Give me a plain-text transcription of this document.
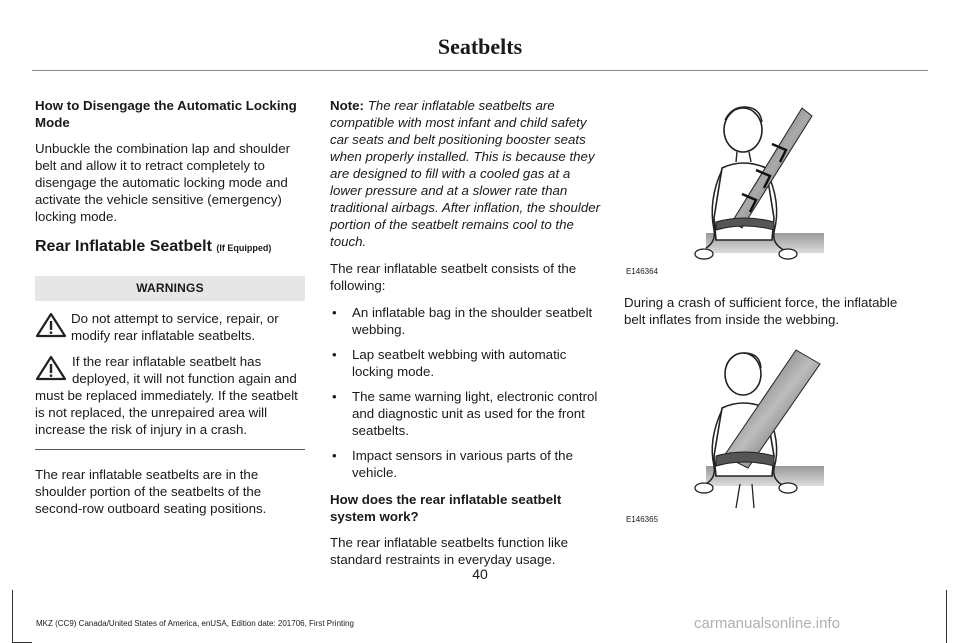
Seatbelts

How to Disengage the Automatic Locking Mode

Unbuckle the combination lap and shoulder belt and allow it to retract completely to disengage the automatic locking mode and activate the vehicle sensitive (emergency) locking mode.

Rear Inflatable Seatbelt (If Equipped)
WARNINGS
Do not attempt to service, repair, or modify rear inflatable seatbelts.
If the rear inflatable seatbelt has deployed, it will not function again and must be replaced immediately. If the seatbelt is not replaced, the unrepaired area will increase the risk of injury in a crash.

The rear inflatable seatbelts are in the shoulder portion of the seatbelts of the second-row outboard seating positions.

Note: The rear inflatable seatbelts are compatible with most infant and child safety car seats and belt positioning booster seats when properly installed. This is because they are designed to fill with a cooled gas at a lower pressure and at a slower rate than traditional airbags. After inflation, the shoulder portion of the seatbelt remains cool to the touch.

The rear inflatable seatbelt consists of the following:

• An inflatable bag in the shoulder seatbelt webbing.
• Lap seatbelt webbing with automatic locking mode.
• The same warning light, electronic control and diagnostic unit as used for the front seatbelts.
• Impact sensors in various parts of the vehicle.

How does the rear inflatable seatbelt system work?

The rear inflatable seatbelts function like standard restraints in everyday usage.

E146364

During a crash of sufficient force, the inflatable belt inflates from inside the webbing.

E146365
40
MKZ (CC9) Canada/United States of America, enUSA, Edition date: 201706, First Printing	carmanualsonline.info
